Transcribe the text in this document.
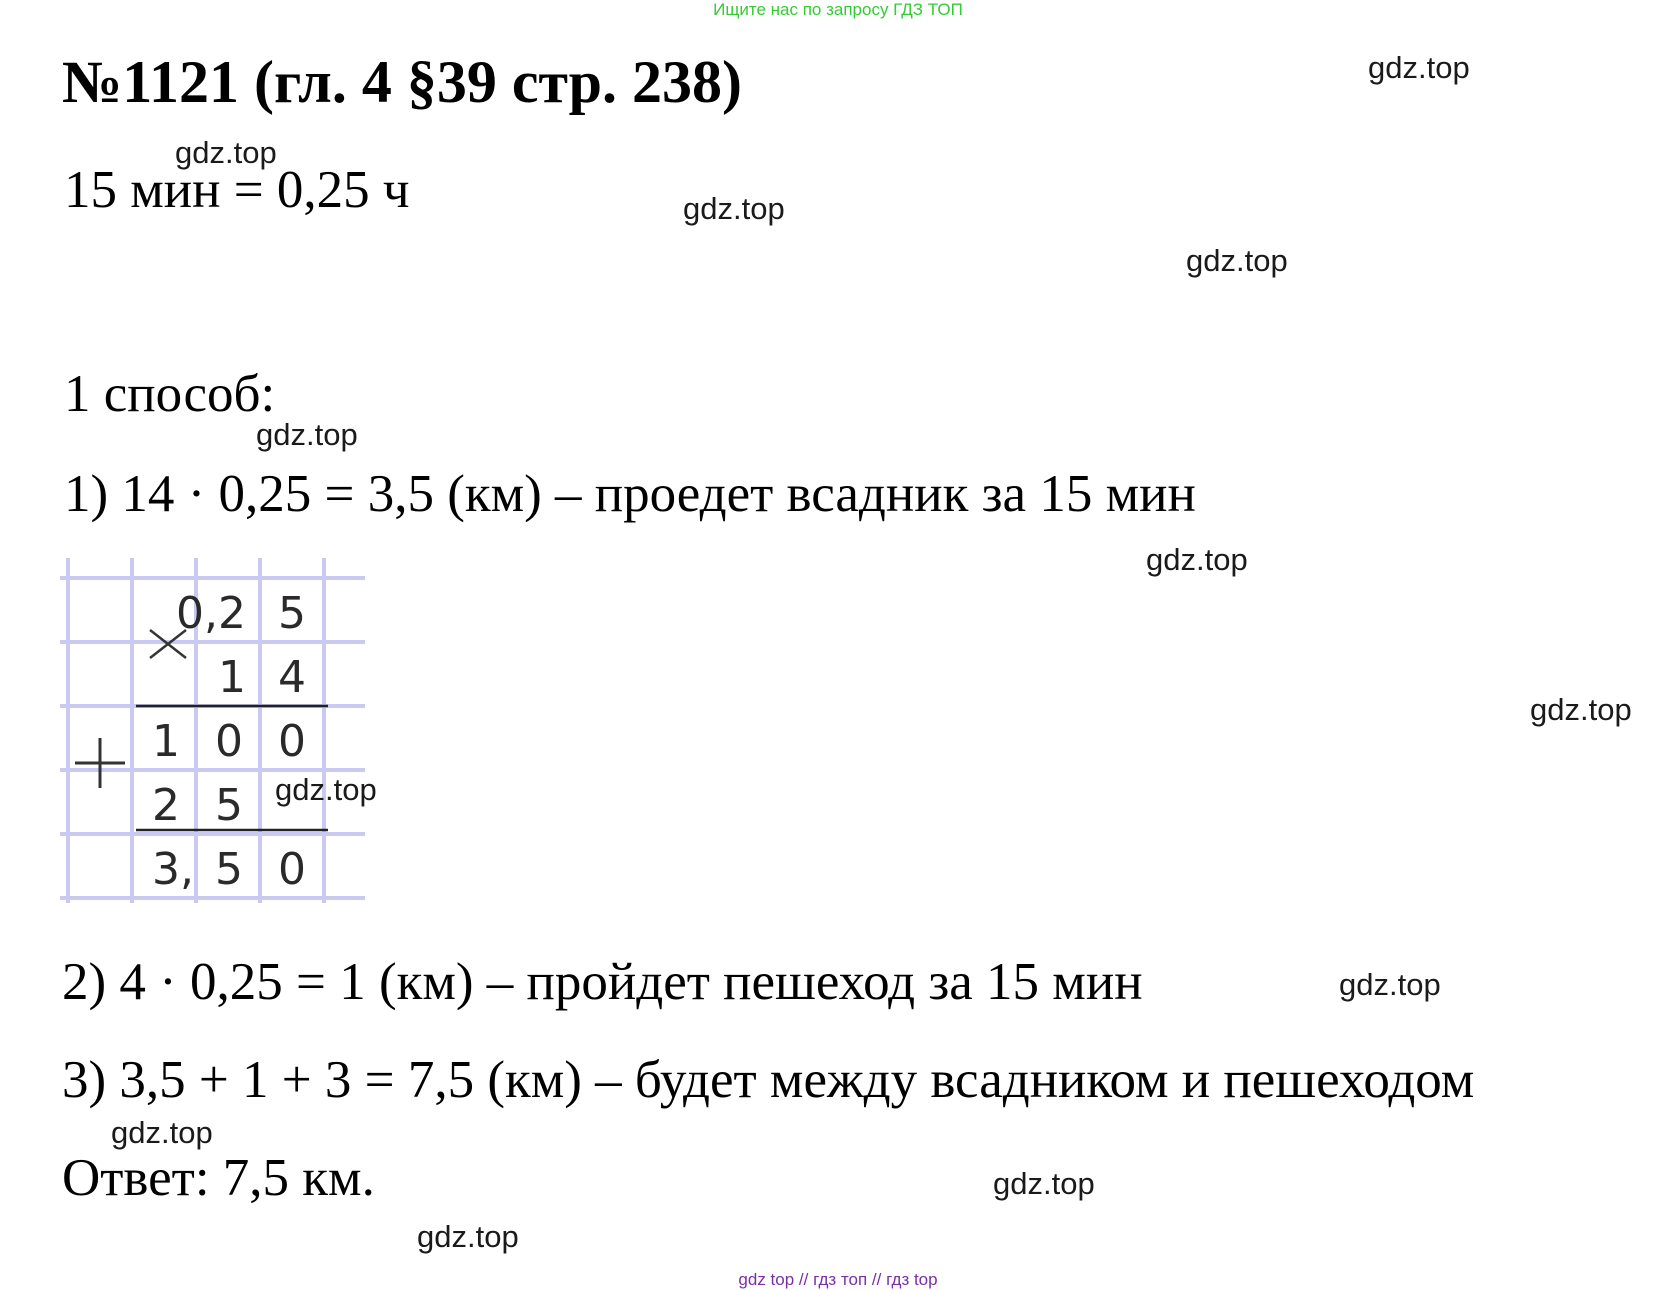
Ищите нас по запросу ГДЗ ТОП
№1121 (гл. 4 §39 стр. 238)
15 мин = 0,25 ч
1 способ:
1) 14 · 0,25 = 3,5 (км) – проедет всадник за 15 мин
0,2 5
1 4
1 0 0
2 5
3, 5 0
2) 4 · 0,25 = 1 (км) – пройдет пешеход за 15 мин
3) 3,5 + 1 + 3 = 7,5 (км) – будет между всадником и пешеходом
Ответ: 7,5 км.
gdz.top
gdz.top
gdz.top
gdz.top
gdz.top
gdz.top
gdz.top
gdz.top
gdz.top
gdz.top
gdz.top
gdz.top
gdz top // гдз топ // гдз top
